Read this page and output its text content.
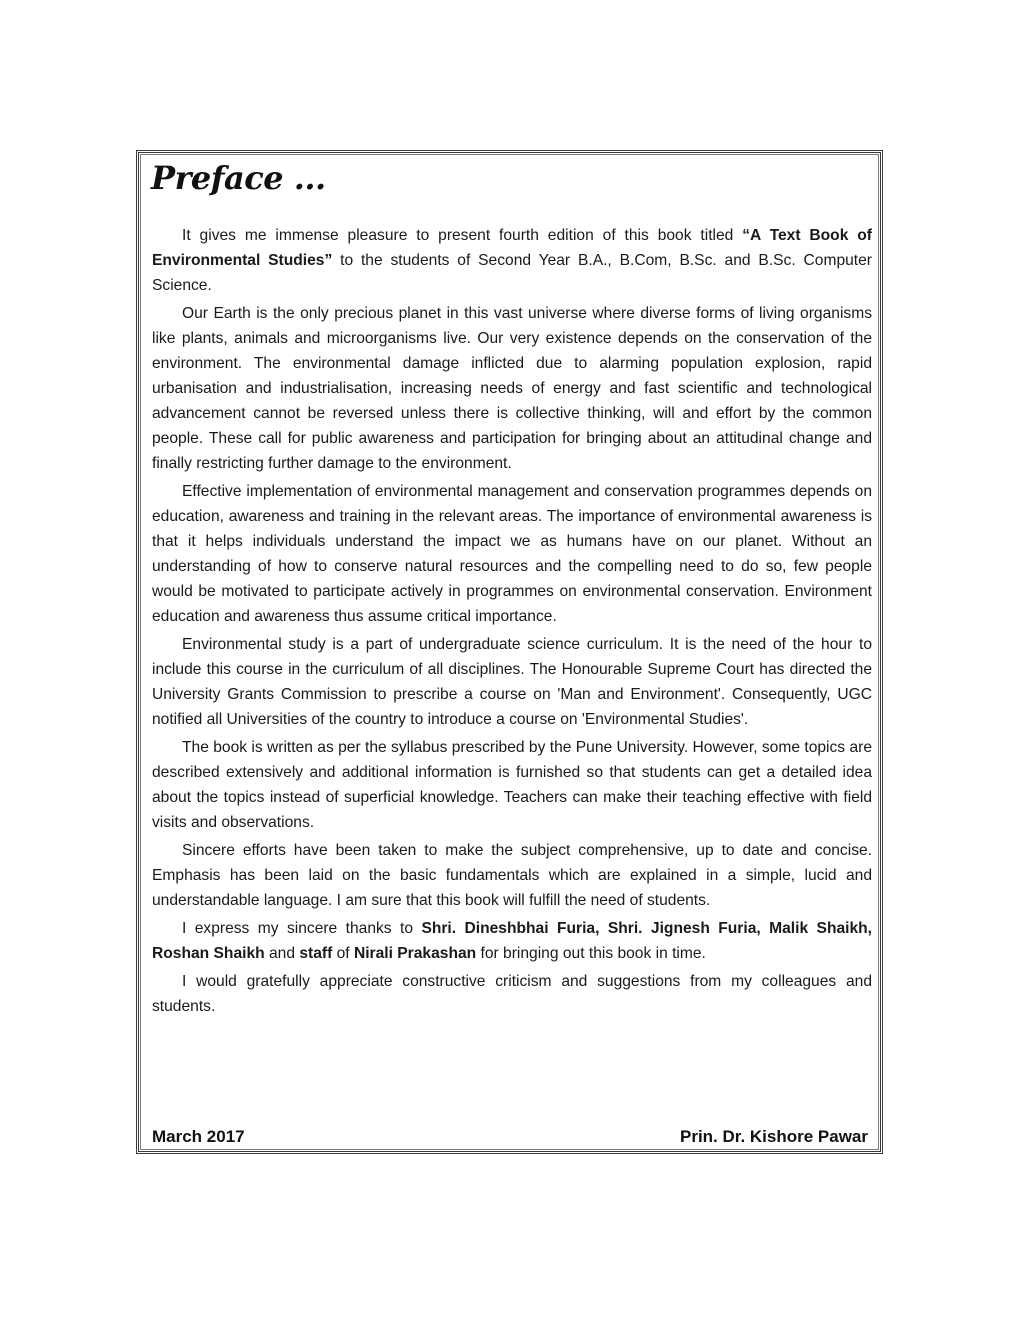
Preface ...

It gives me immense pleasure to present fourth edition of this book titled “A Text Book of Environmental Studies” to the students of Second Year B.A., B.Com, B.Sc. and B.Sc. Computer Science.

Our Earth is the only precious planet in this vast universe where diverse forms of living organisms like plants, animals and microorganisms live. Our very existence depends on the conservation of the environment. The environmental damage inflicted due to alarming population explosion, rapid urbanisation and industrialisation, increasing needs of energy and fast scientific and technological advancement cannot be reversed unless there is collective thinking, will and effort by the common people. These call for public awareness and participation for bringing about an attitudinal change and finally restricting further damage to the environment.

Effective implementation of environmental management and conservation programmes depends on education, awareness and training in the relevant areas. The importance of environmental awareness is that it helps individuals understand the impact we as humans have on our planet. Without an understanding of how to conserve natural resources and the compelling need to do so, few people would be motivated to participate actively in programmes on environmental conservation. Environment education and awareness thus assume critical importance.

Environmental study is a part of undergraduate science curriculum. It is the need of the hour to include this course in the curriculum of all disciplines. The Honourable Supreme Court has directed the University Grants Commission to prescribe a course on 'Man and Environment'. Consequently, UGC notified all Universities of the country to introduce a course on 'Environmental Studies'.

The book is written as per the syllabus prescribed by the Pune University. However, some topics are described extensively and additional information is furnished so that students can get a detailed idea about the topics instead of superficial knowledge. Teachers can make their teaching effective with field visits and observations.

Sincere efforts have been taken to make the subject comprehensive, up to date and concise. Emphasis has been laid on the basic fundamentals which are explained in a simple, lucid and understandable language. I am sure that this book will fulfill the need of students.

I express my sincere thanks to Shri. Dineshbhai Furia, Shri. Jignesh Furia, Malik Shaikh, Roshan Shaikh and staff of Nirali Prakashan for bringing out this book in time.

I would gratefully appreciate constructive criticism and suggestions from my colleagues and students.

March 2017	Prin. Dr. Kishore Pawar
